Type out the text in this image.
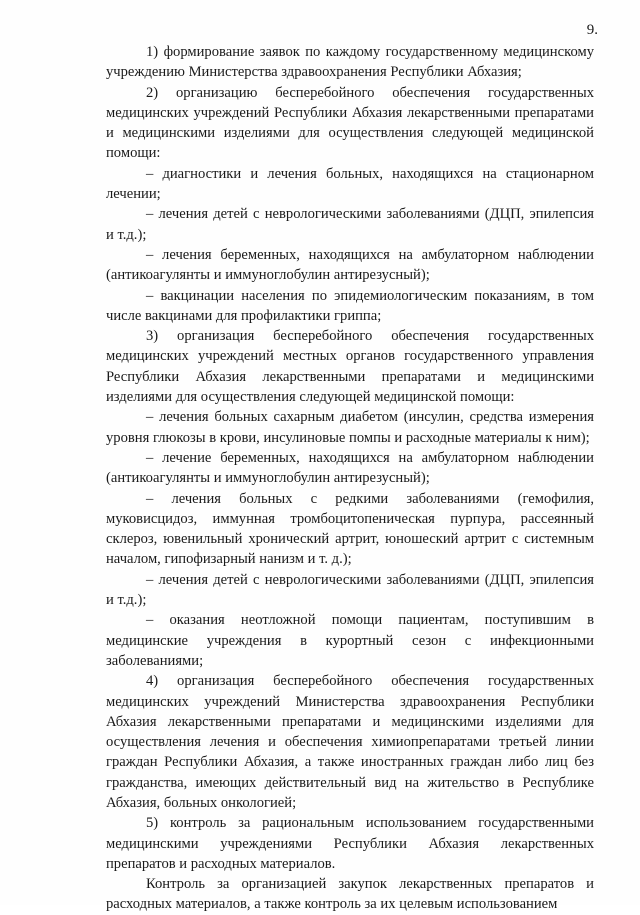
9.

1) формирование заявок по каждому государственному медицинскому учреждению Министерства здравоохранения Республики Абхазия;

2) организацию бесперебойного обеспечения государственных медицинских учреждений Республики Абхазия лекарственными препаратами и медицинскими изделиями для осуществления следующей медицинской помощи:

– диагностики и лечения больных, находящихся на стационарном лечении;

– лечения детей с неврологическими заболеваниями (ДЦП, эпилепсия и т.д.);

– лечения беременных, находящихся на амбулаторном наблюдении (антикоагулянты и иммуноглобулин антирезусный);

– вакцинации населения по эпидемиологическим показаниям, в том числе вакцинами для профилактики гриппа;

3) организация бесперебойного обеспечения государственных медицинских учреждений местных органов государственного управления Республики Абхазия лекарственными препаратами и медицинскими изделиями для осуществления следующей медицинской помощи:

– лечения больных сахарным диабетом (инсулин, средства измерения уровня глюкозы в крови, инсулиновые помпы и расходные материалы к ним);

– лечение беременных, находящихся на амбулаторном наблюдении (антикоагулянты и иммуноглобулин антирезусный);

– лечения больных с редкими заболеваниями (гемофилия, муковисцидоз, иммунная тромбоцитопеническая пурпура, рассеянный склероз, ювенильный хронический артрит, юношеский артрит с системным началом, гипофизарный нанизм и т. д.);

– лечения детей с неврологическими заболеваниями (ДЦП, эпилепсия и т.д.);

– оказания неотложной помощи пациентам, поступившим в медицинские учреждения в курортный сезон с инфекционными заболеваниями;

4) организация бесперебойного обеспечения государственных медицинских учреждений Министерства здравоохранения Республики Абхазия лекарственными препаратами и медицинскими изделиями для осуществления лечения и обеспечения химиопрепаратами третьей линии граждан Республики Абхазия, а также иностранных граждан либо лиц без гражданства, имеющих действительный вид на жительство в Республике Абхазия, больных онкологией;

5) контроль за рациональным использованием государственными медицинскими учреждениями Республики Абхазия лекарственных препаратов и расходных материалов.

Контроль за организацией закупок лекарственных препаратов и расходных материалов, а также контроль за их целевым использованием
